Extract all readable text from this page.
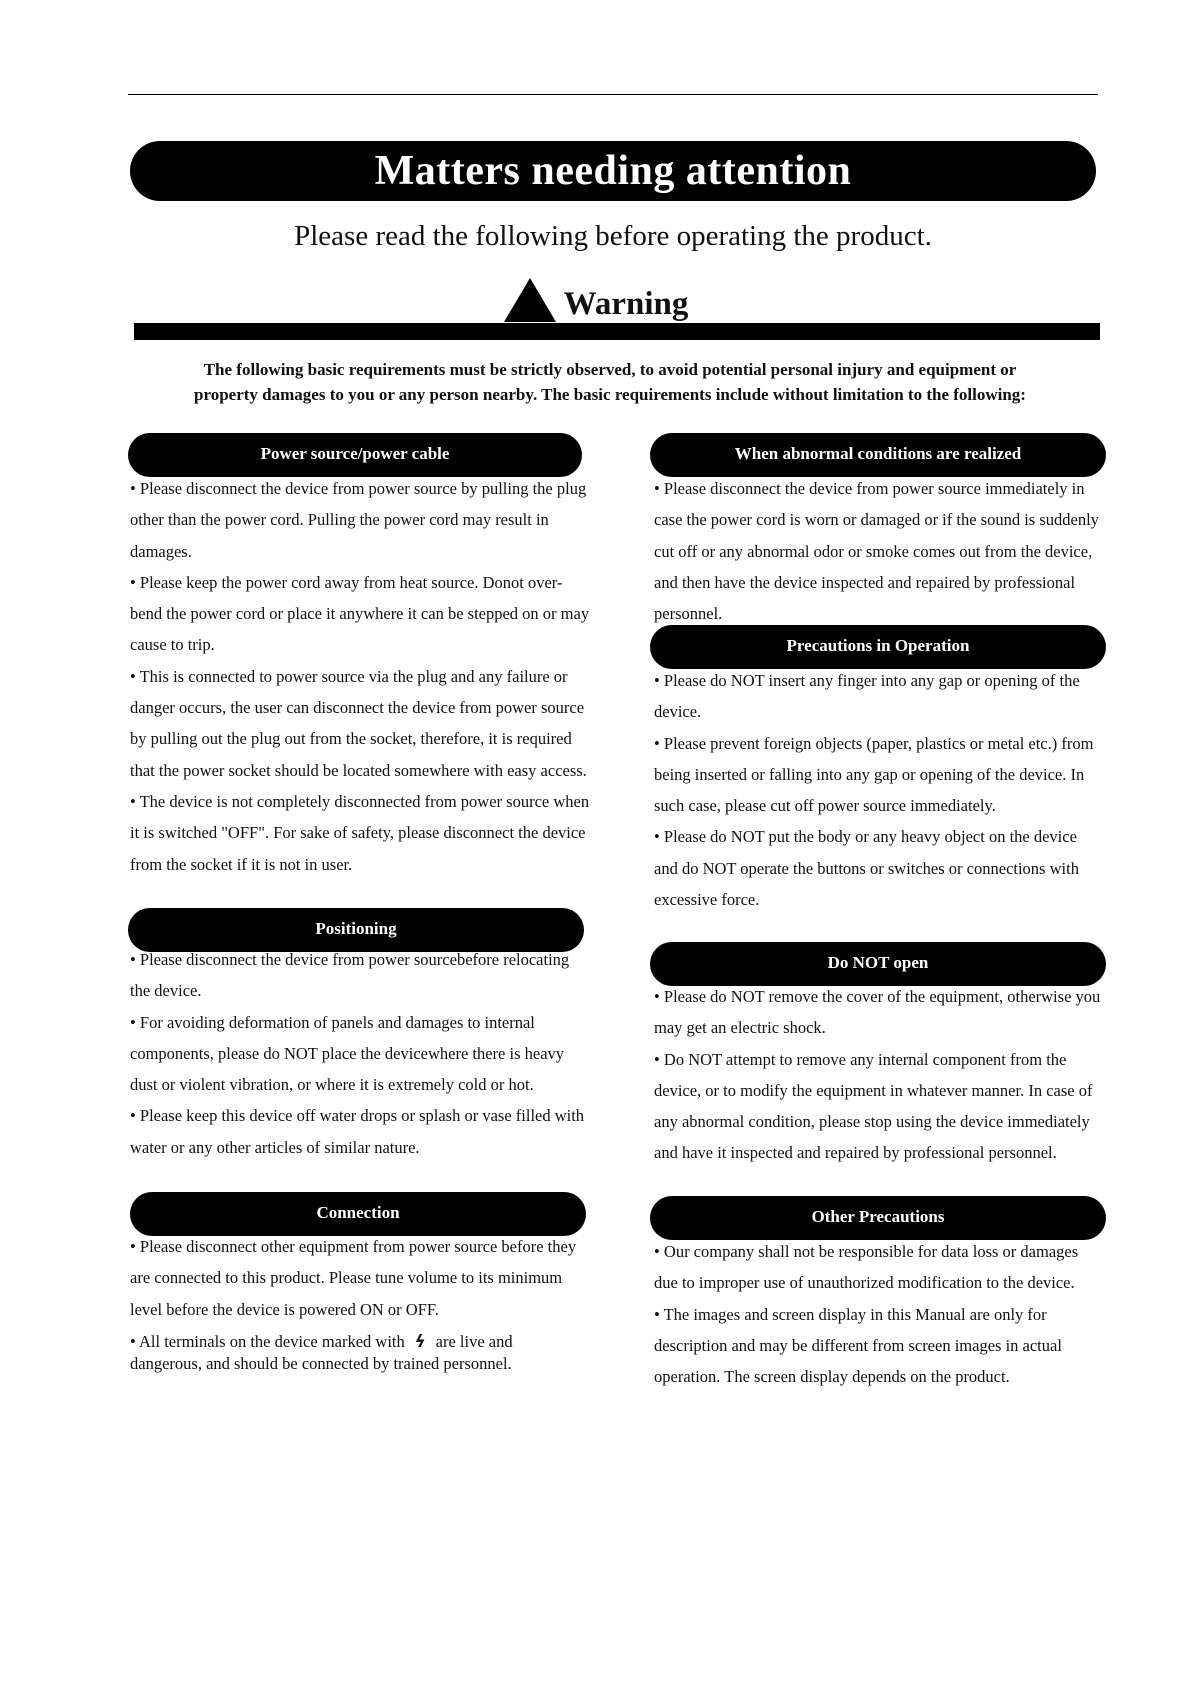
Matters needing attention
Please read the following before operating the product.
Warning
The following basic requirements must be strictly observed, to avoid potential personal injury and equipment or
property damages to you or any person nearby. The basic requirements include without limitation to the following:
Power source/power cable

• Please disconnect the device from power source by pulling the plug other than the power cord. Pulling the power cord may result in damages.

• Please keep the power cord away from heat source. Donot over-bend the power cord or place it anywhere it can be stepped on or may cause to trip.

• This is connected to power source via the plug and any failure or danger occurs, the user can disconnect the device from power source by pulling out the plug out from the socket, therefore, it is required that the power socket should be located somewhere with easy access.

• The device is not completely disconnected from power source when it is switched "OFF". For sake of safety, please disconnect the device from the socket if it is not in user.

Positioning

• Please disconnect the device from power sourcebefore relocating the device.

• For avoiding deformation of panels and damages to internal components, please do NOT place the devicewhere there is heavy dust or violent vibration, or where it is extremely cold or hot.

• Please keep this device off water drops or splash or vase filled with water or any other articles of similar nature.

Connection

• Please disconnect other equipment from power source before they are connected to this product. Please tune volume to its minimum level before the device is powered ON or OFF.

• All terminals on the device marked with ϟ are live and dangerous, and should be connected by trained personnel.

When abnormal conditions are realized

• Please disconnect the device from power source immediately in case the power cord is worn or damaged or if the sound is suddenly cut off or any abnormal odor or smoke comes out from the device, and then have the device inspected and repaired by professional personnel.

Precautions in Operation

• Please do NOT insert any finger into any gap or opening of the device.

• Please prevent foreign objects (paper, plastics or metal etc.) from being inserted or falling into any gap or opening of the device. In such case, please cut off power source immediately.

• Please do NOT put the body or any heavy object on the device and do NOT operate the buttons or switches or connections with excessive force.

Do NOT open

• Please do NOT remove the cover of the equipment, otherwise you may get an electric shock.

• Do NOT attempt to remove any internal component from the device, or to modify the equipment in whatever manner. In case of any abnormal condition, please stop using the device immediately and have it inspected and repaired by professional personnel.

Other Precautions

• Our company shall not be responsible for data loss or damages due to improper use of unauthorized modification to the device.

• The images and screen display in this Manual are only for description and may be different from screen images in actual operation. The screen display depends on the product.
